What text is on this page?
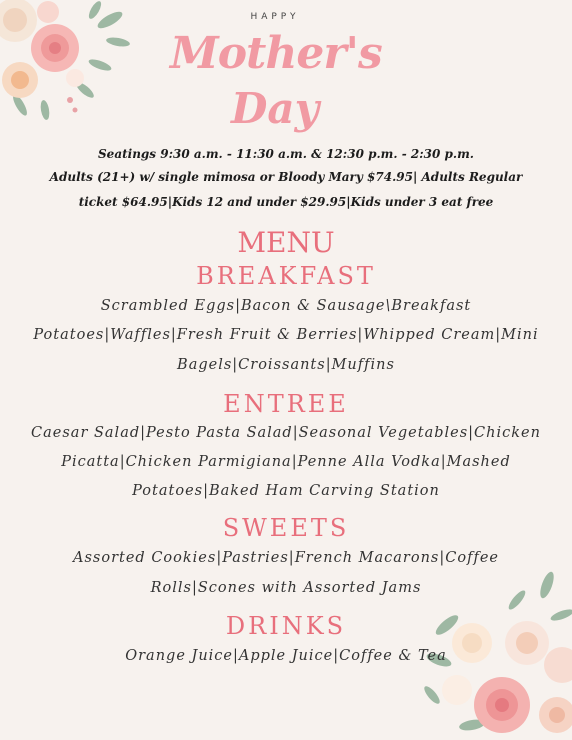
HAPPY
Mother's
Day
Seatings 9:30 a.m. - 11:30 a.m. & 12:30 p.m. - 2:30 p.m.
Adults (21+) w/ single mimosa or Bloody Mary $74.95| Adults Regular
ticket $64.95|Kids 12 and under $29.95|Kids under 3 eat free
MENU
BREAKFAST
Scrambled Eggs|Bacon & Sausage\Breakfast
Potatoes|Waffles|Fresh Fruit & Berries|Whipped Cream|Mini
Bagels|Croissants|Muffins
ENTREE
Caesar Salad|Pesto Pasta Salad|Seasonal Vegetables|Chicken
Picatta|Chicken Parmigiana|Penne Alla Vodka|Mashed
Potatoes|Baked Ham Carving Station
SWEETS
Assorted Cookies|Pastries|French Macarons|Coffee
Rolls|Scones with Assorted Jams
DRINKS
Orange Juice|Apple Juice|Coffee & Tea
